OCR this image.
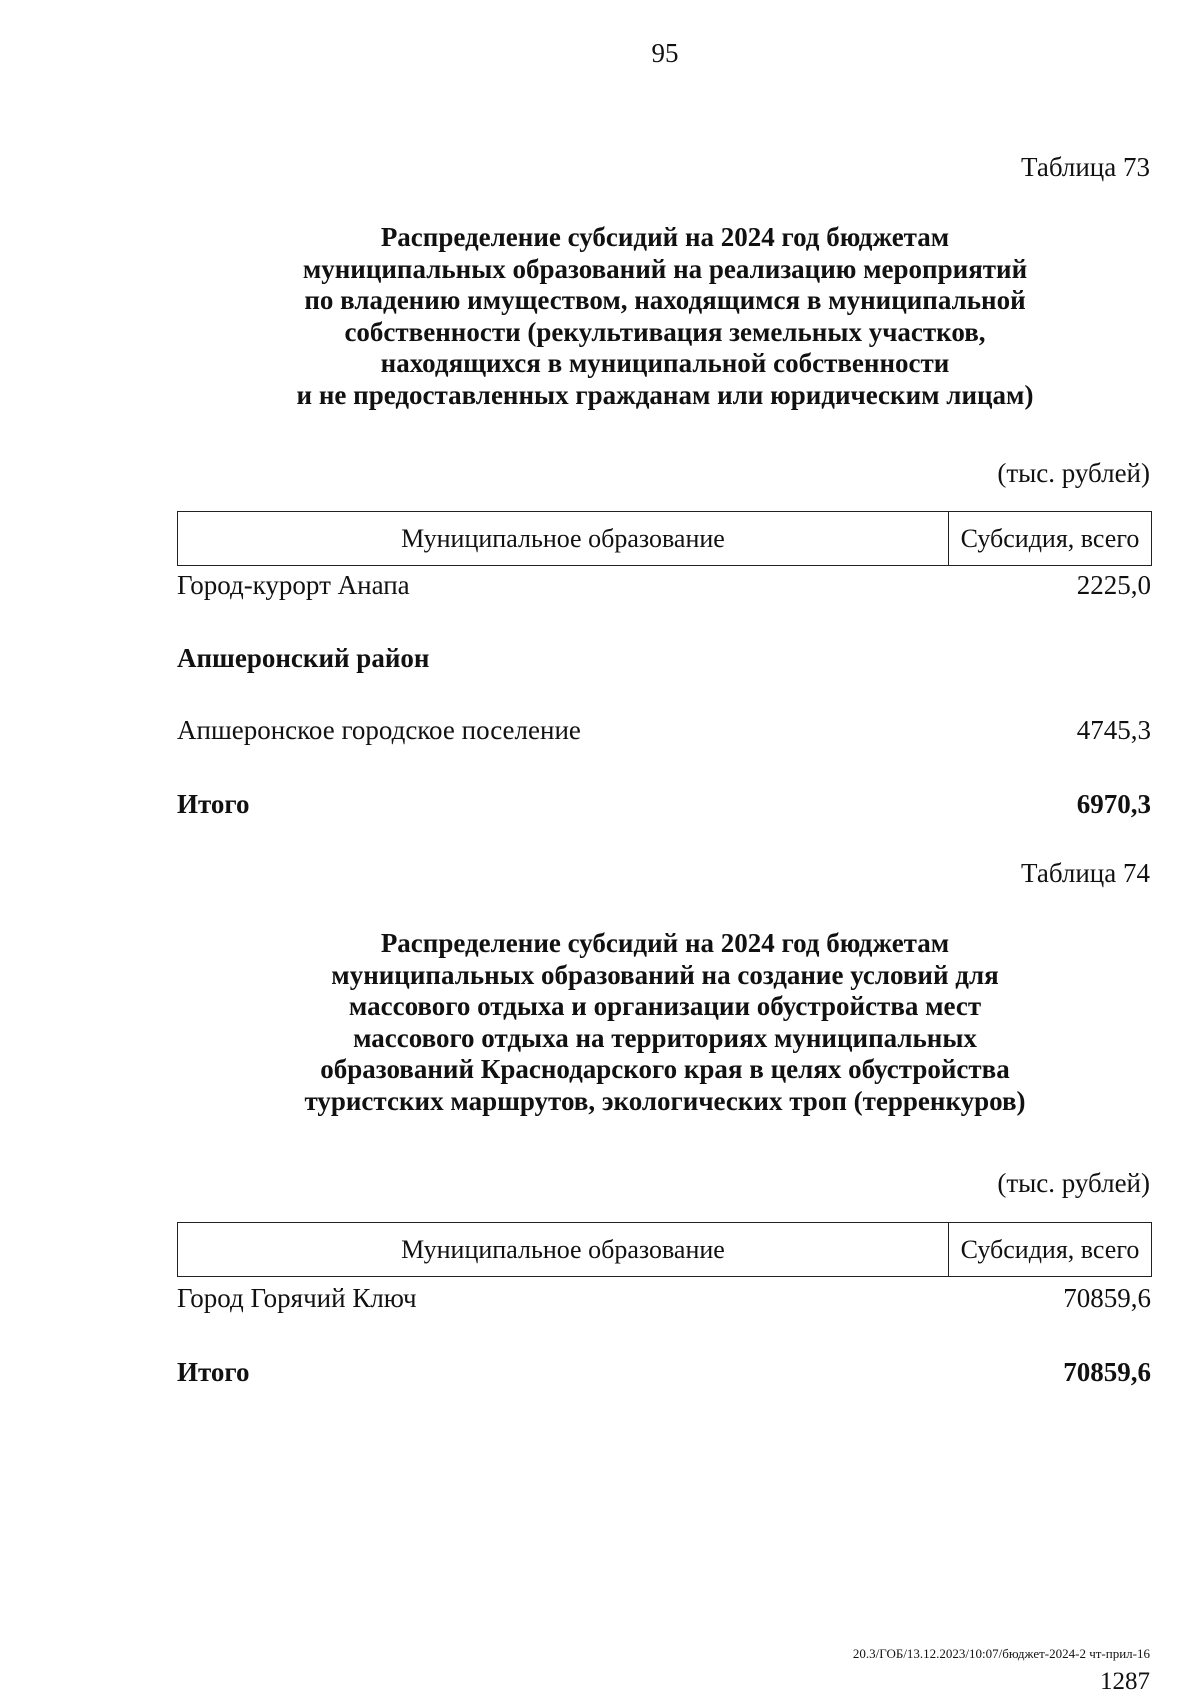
95
Таблица 73
Распределение субсидий на 2024 год бюджетам
муниципальных образований на реализацию мероприятий
по владению имуществом, находящимся в муниципальной
собственности (рекультивация земельных участков,
находящихся в муниципальной собственности
и не предоставленных гражданам или юридическим лицам)
(тыс. рублей)
Муниципальное образование	Субсидия, всего
Город-курорт Анапа	2225,0
Апшеронский район
Апшеронское городское поселение	4745,3
Итого	6970,3
Таблица 74
Распределение субсидий на 2024 год бюджетам
муниципальных образований на создание условий для
массового отдыха и организации обустройства мест
массового отдыха на территориях муниципальных
образований Краснодарского края в целях обустройства
туристских маршрутов, экологических троп (терренкуров)
(тыс. рублей)
Муниципальное образование	Субсидия, всего
Город Горячий Ключ	70859,6
Итого	70859,6
20.3/ГОБ/13.12.2023/10:07/бюджет-2024-2 чт-прил-16
1287
